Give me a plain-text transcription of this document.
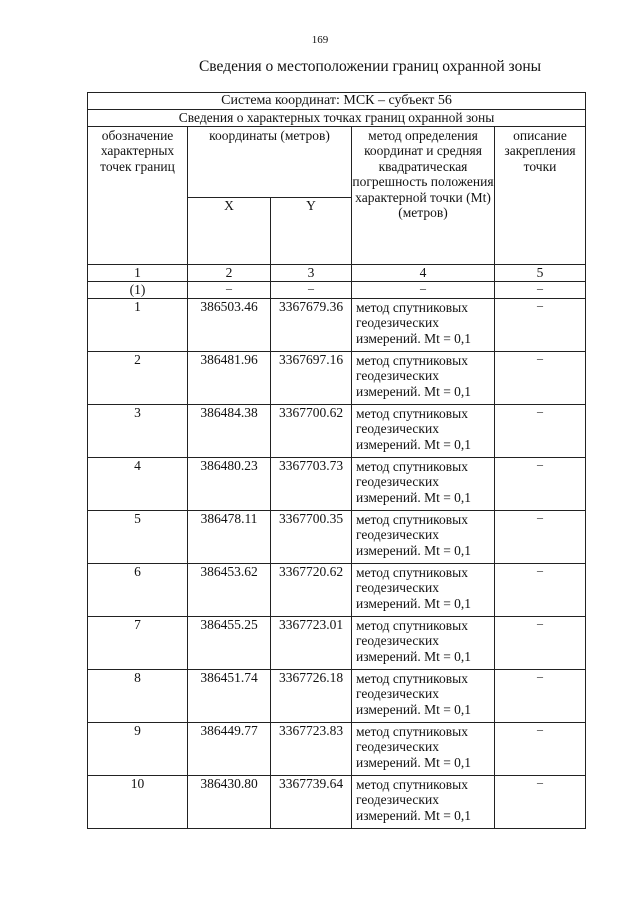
169
Сведения о местоположении границ охранной зоны
Система координат: МСК – субъект 56				
Сведения о характерных точках границ охранной зоны				
обозначение характерных точек границ	координаты (метров)		метод определения координат и средняя квадратическая погрешность положения характерной точки (Mt) (метров)	описание закрепления точки
	X	Y		
1	2	3	4	5
(1)	–	–	–	–
1	386503.46	3367679.36	метод спутниковых геодезических измерений. Mt = 0,1	–
2	386481.96	3367697.16	метод спутниковых геодезических измерений. Mt = 0,1	–
3	386484.38	3367700.62	метод спутниковых геодезических измерений. Mt = 0,1	–
4	386480.23	3367703.73	метод спутниковых геодезических измерений. Mt = 0,1	–
5	386478.11	3367700.35	метод спутниковых геодезических измерений. Mt = 0,1	–
6	386453.62	3367720.62	метод спутниковых геодезических измерений. Mt = 0,1	–
7	386455.25	3367723.01	метод спутниковых геодезических измерений. Mt = 0,1	–
8	386451.74	3367726.18	метод спутниковых геодезических измерений. Mt = 0,1	–
9	386449.77	3367723.83	метод спутниковых геодезических измерений. Mt = 0,1	–
10	386430.80	3367739.64	метод спутниковых геодезических измерений. Mt = 0,1	–
